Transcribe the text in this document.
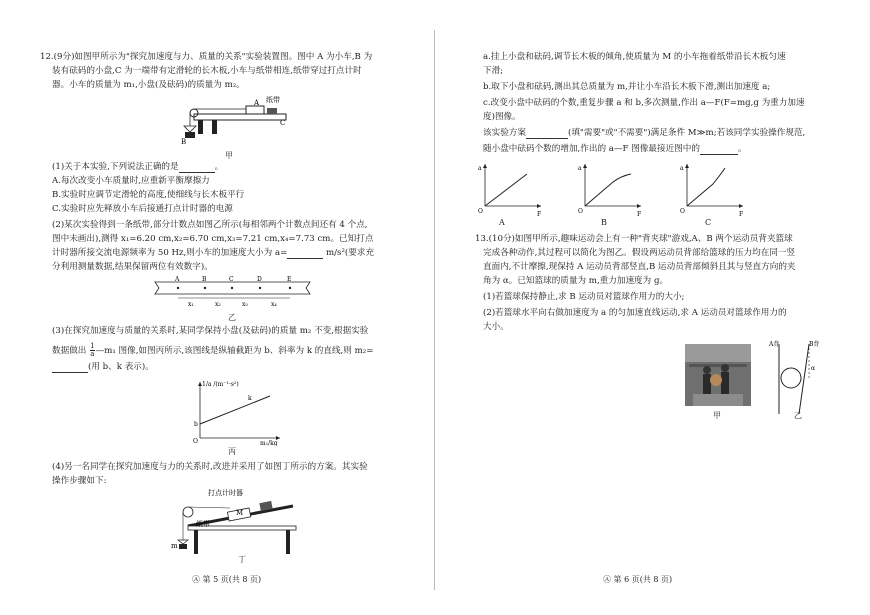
12.(9分)如图甲所示为"探究加速度与力、质量的关系"实验装置图。图中 A 为小车,B 为
装有砝码的小盘,C 为一端带有定滑轮的长木板,小车与纸带相连,纸带穿过打点计时
器。小车的质量为 m₁,小盘(及砝码)的质量为 m₂。
纸带
A
B
C
甲
(1)关于本实验,下列说法正确的是	。
A.每次改变小车质量时,应重新平衡摩擦力
B.实验时应调节定滑轮的高度,使细线与长木板平行
C.实验时应先释放小车后接通打点计时器的电源
(2)某次实验得到一条纸带,部分计数点如图乙所示(每相邻两个计数点间还有 4 个点,
图中未画出),测得 x₁=6.20 cm,x₂=6.70 cm,x₃=7.21 cm,x₄=7.73 cm。已知打点
计时器所接交流电源频率为 50 Hz,则小车的加速度大小为 a=	m/s²(要求充
分利用测量数据,结果保留两位有效数字)。
A	B	C	D	E
x₁	x₂	x₃	x₄
乙
(3)在探究加速度与质量的关系时,某同学保持小盘(及砝码)的质量 m₂ 不变,根据实验
数据做出 $\frac{1}{a}$ —m₁ 图像,如图丙所示,该图线是纵轴截距为 b、斜率为 k 的直线,则 m₂=
(用 b、k 表示)。
1/a /(m⁻¹·s²)
m₁/kg
k
b
O
丙
(4)另一名同学在探究加速度与力的关系时,改进并采用了如图丁所示的方案。其实验
操作步骤如下:
打点计时器
纸带
M
m
丁
Ⓐ 第 5 页(共 8 页)
a.挂上小盘和砝码,调节长木板的倾角,使质量为 M 的小车拖着纸带沿长木板匀速
下滑;
b.取下小盘和砝码,测出其总质量为 m,并让小车沿长木板下滑,测出加速度 a;
c.改变小盘中砝码的个数,重复步骤 a 和 b,多次测量,作出 a—F(F=mg,g 为重力加速
度)图像。
该实验方案	(填"需要"或"不需要")满足条件 M≫m;若该同学实验操作规范,
随小盘中砝码个数的增加,作出的 a—F 图像最接近图中的	。
a
F
O
A
a
F
O
B
a
F
O
C
13.(10分)如图甲所示,趣味运动会上有一种"背夹球"游戏,A、B 两个运动员背夹篮球
完成各种动作,其过程可以简化为图乙。假设两运动员背部给篮球的压力均在同一竖
直面内,不计摩擦,现保持 A 运动员背部竖直,B 运动员背部倾斜且其与竖直方向的夹
角为 α。已知篮球的质量为 m,重力加速度为 g。
(1)若篮球保持静止,求 B 运动员对篮球作用力的大小;
(2)若篮球水平向右做加速度为 a 的匀加速直线运动,求 A 运动员对篮球作用力的
大小。
甲
A背	B背
α
乙
Ⓐ 第 6 页(共 8 页)
